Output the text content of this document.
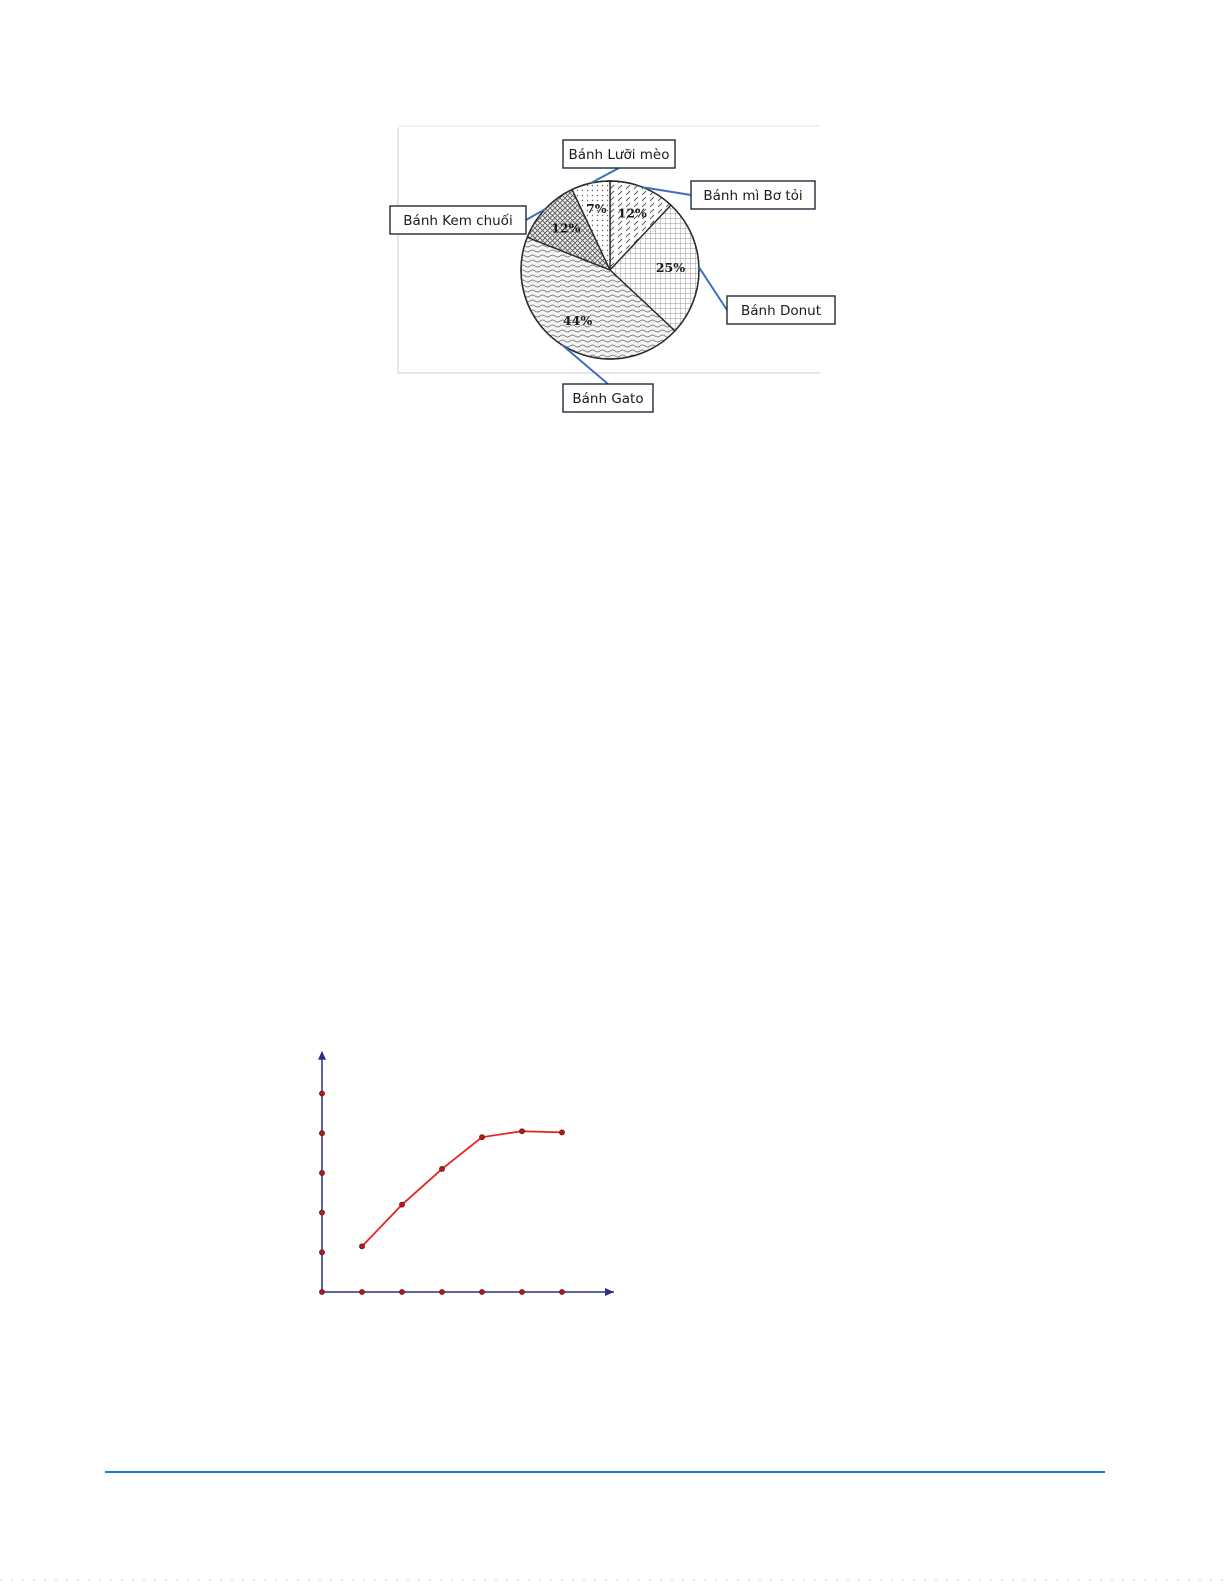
12%
25%
44%
12%
7%
Bánh mì Bơ tỏi
Bánh Donut
Bánh Gato
Bánh Kem chuối
Bánh Lưỡi mèo
